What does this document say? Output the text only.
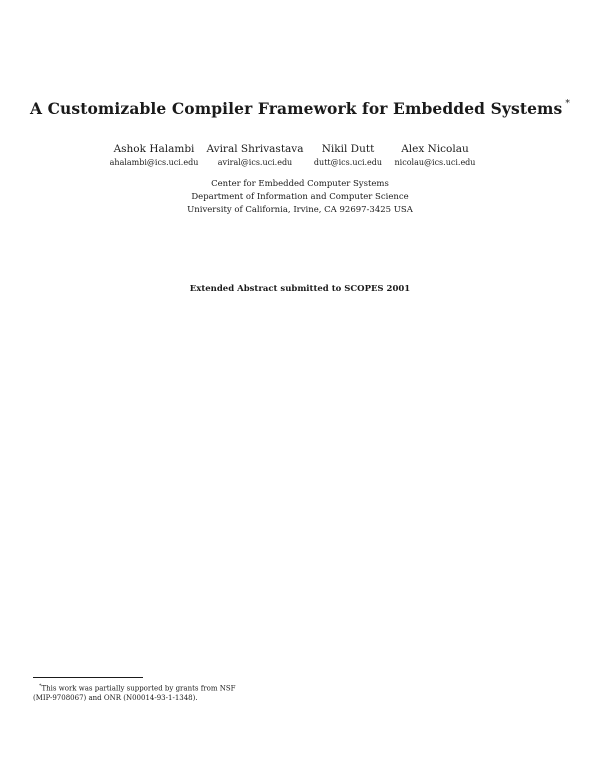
A Customizable Compiler Framework for Embedded Systems *
Ashok Halambi
ahalambi@ics.uci.edu
Aviral Shrivastava
aviral@ics.uci.edu
Nikil Dutt
dutt@ics.uci.edu
Alex Nicolau
nicolau@ics.uci.edu
Center for Embedded Computer Systems
Department of Information and Computer Science
University of California, Irvine, CA 92697-3425 USA
Extended Abstract submitted to SCOPES 2001
*This work was partially supported by grants from NSF
(MIP-9708067) and ONR (N00014-93-1-1348).
